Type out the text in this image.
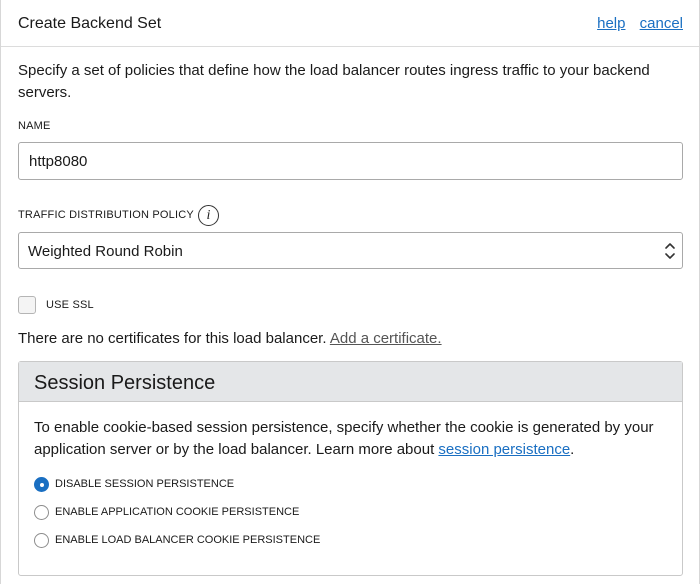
Create Backend Set	help cancel
Specify a set of policies that define how the load balancer routes ingress traffic to your backend servers.
NAME
http8080
TRAFFIC DISTRIBUTION POLICY i
Weighted Round Robin
USE SSL
There are no certificates for this load balancer. Add a certificate.
Session Persistence
To enable cookie-based session persistence, specify whether the cookie is generated by your application server or by the load balancer. Learn more about session persistence.
DISABLE SESSION PERSISTENCE
ENABLE APPLICATION COOKIE PERSISTENCE
ENABLE LOAD BALANCER COOKIE PERSISTENCE
